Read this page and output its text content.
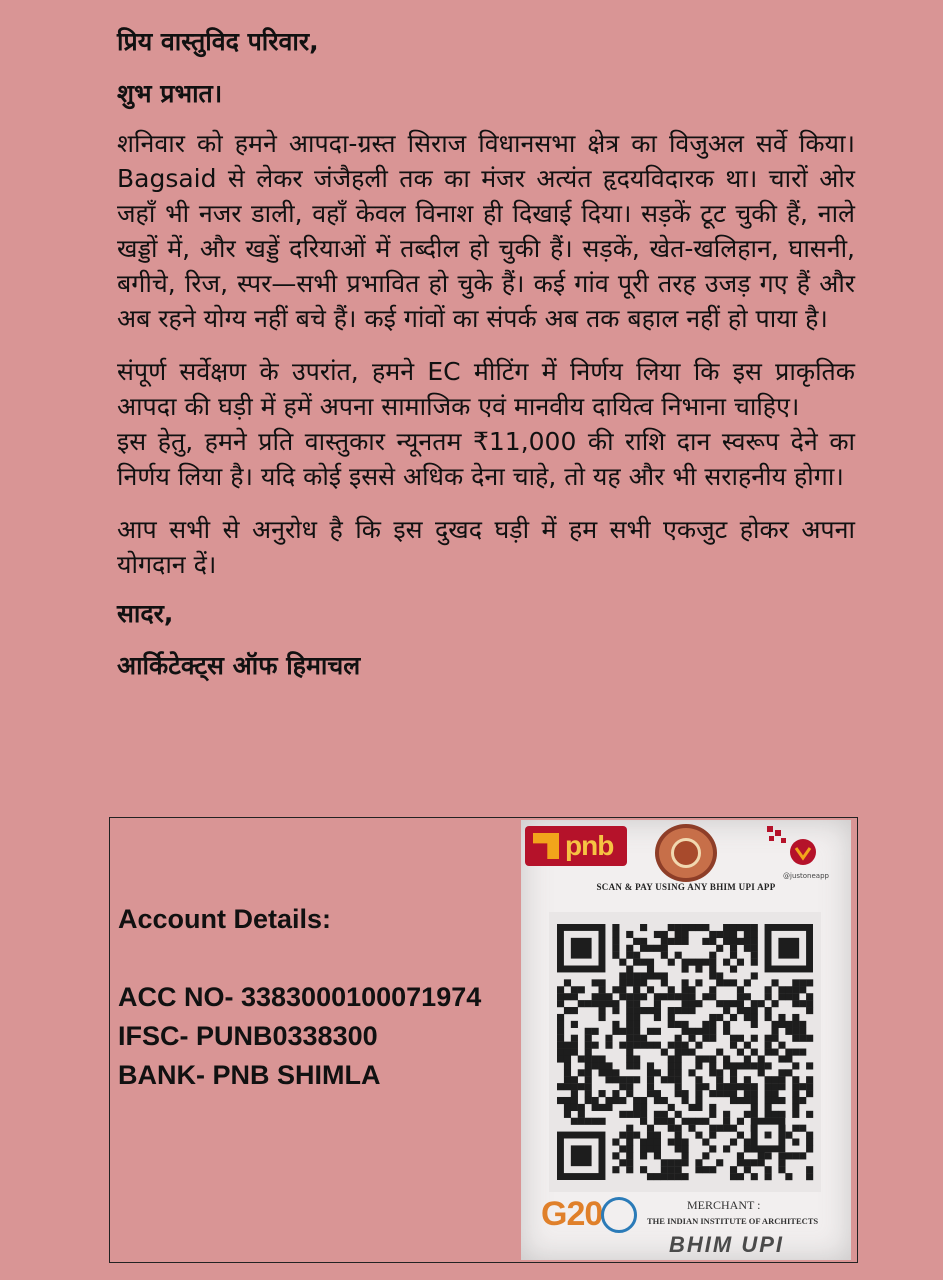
प्रिय वास्तुविद परिवार,
शुभ प्रभात।
शनिवार को हमने आपदा-ग्रस्त सिराज विधानसभा क्षेत्र का विजुअल सर्वे किया। Bagsaid से लेकर जंजैहली तक का मंजर अत्यंत हृदयविदारक था। चारों ओर जहाँ भी नजर डाली, वहाँ केवल विनाश ही दिखाई दिया। सड़कें टूट चुकी हैं, नाले खड्डों में, और खड्डें दरियाओं में तब्दील हो चुकी हैं। सड़कें, खेत-खलिहान, घासनी, बगीचे, रिज, स्पर—सभी प्रभावित हो चुके हैं। कई गांव पूरी तरह उजड़ गए हैं और अब रहने योग्य नहीं बचे हैं। कई गांवों का संपर्क अब तक बहाल नहीं हो पाया है।
संपूर्ण सर्वेक्षण के उपरांत, हमने EC मीटिंग में निर्णय लिया कि इस प्राकृतिक आपदा की घड़ी में हमें अपना सामाजिक एवं मानवीय दायित्व निभाना चाहिए।
इस हेतु, हमने प्रति वास्तुकार न्यूनतम ₹11,000 की राशि दान स्वरूप देने का निर्णय लिया है। यदि कोई इससे अधिक देना चाहे, तो यह और भी सराहनीय होगा।
आप सभी से अनुरोध है कि इस दुखद घड़ी में हम सभी एकजुट होकर अपना योगदान दें।
सादर,
आर्किटेक्ट्स ऑफ हिमाचल
Account Details:
ACC NO- 3383000100071974
IFSC- PUNB0338300
BANK- PNB SHIMLA
pnb
@justoneapp
SCAN & PAY USING ANY BHIM UPI APP
G20	MERCHANT :
THE INDIAN INSTITUTE OF ARCHITECTS
BHIM UPI
